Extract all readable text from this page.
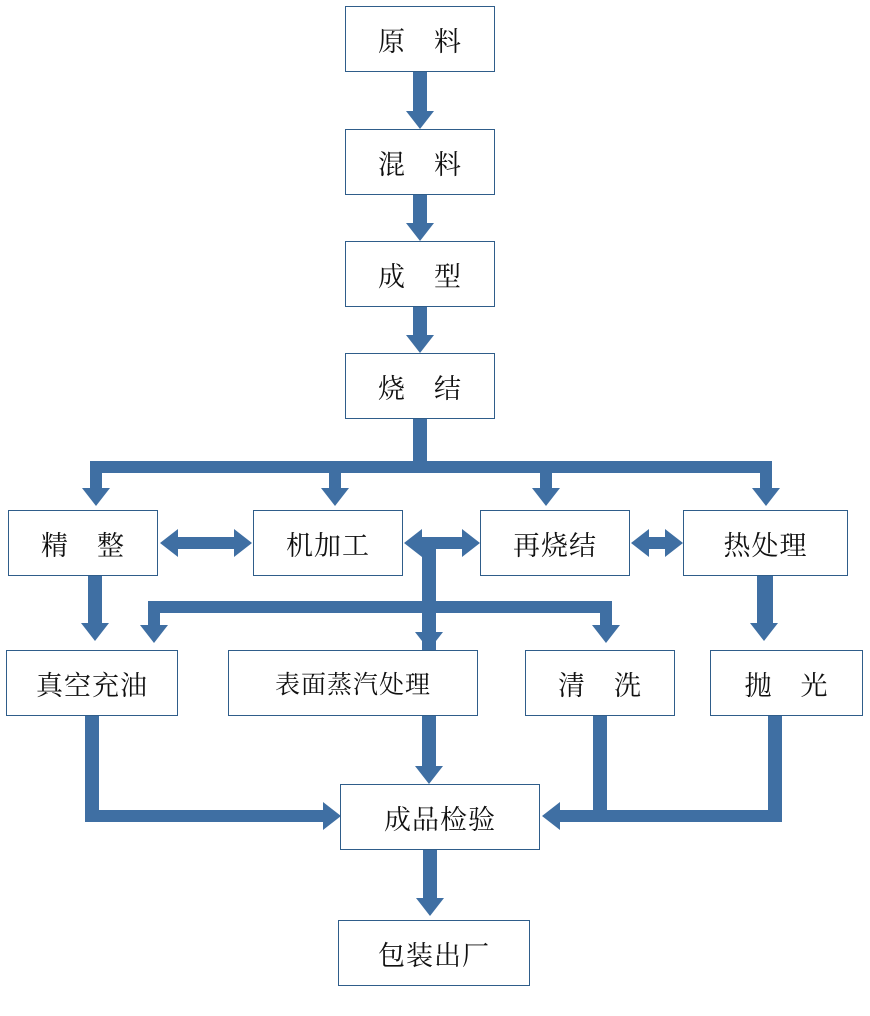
原　料
混　料
成　型
烧　结
精　整	机加工	再烧结	热处理
真空充油	表面蒸汽处理	清　洗	抛　光
成品检验
包装出厂
